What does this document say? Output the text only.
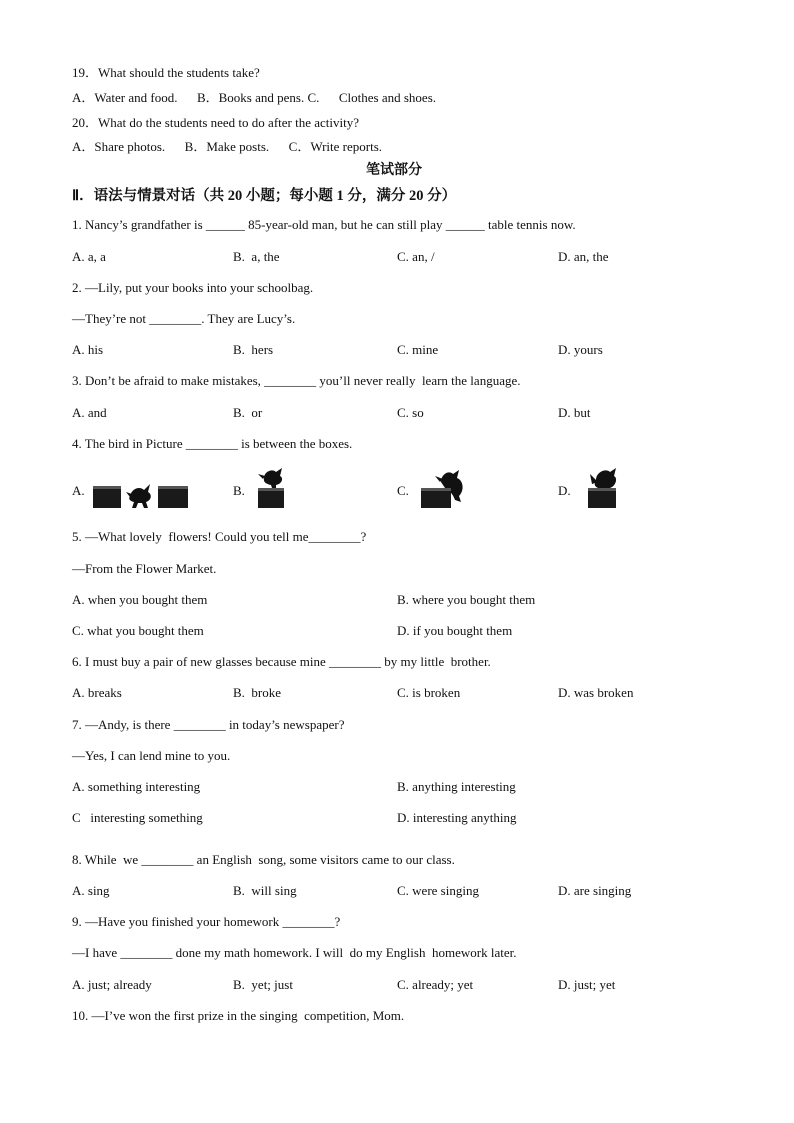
19．What should the students take?
A．Water and food.      B．Books and pens. C.      Clothes and shoes.
20．What do the students need to do after the activity?
A．Share photos.      B．Make posts.      C．Write reports.
笔试部分
Ⅱ．语法与情景对话（共 20 小题；每小题 1 分，满分 20 分）
1. Nancy’s grandfather is ______ 85-year-old man, but he can still play ______ table tennis now.
A. a, a	B.  a, the	C. an, /	D. an, the
2. —Lily, put your books into your schoolbag.
—They’re not ________. They are Lucy’s.
A. his	B.  hers	C. mine	D. yours
3. Don’t be afraid to make mistakes, ________ you’ll never really  learn the language.
A. and	B.  or	C. so	D. but
4. The bird in Picture ________ is between the boxes.
A.	B.	C.	D.
5. —What lovely  flowers! Could you tell me________?
—From the Flower Market.
A. when you bought them	B. where you bought them
C. what you bought them	D. if you bought them
6. I must buy a pair of new glasses because mine ________ by my little  brother.
A. breaks	B.  broke	C. is broken	D. was broken
7. —Andy, is there ________ in today’s newspaper?
—Yes, I can lend mine to you.
A. something interesting	B. anything interesting
C   interesting something	D. interesting anything
8. While  we ________ an English  song, some visitors came to our class.
A. sing	B.  will sing	C. were singing	D. are singing
9. —Have you finished your homework ________?
—I have ________ done my math homework. I will  do my English  homework later.
A. just; already	B.  yet; just	C. already; yet	D. just; yet
10. —I’ve won the first prize in the singing  competition, Mom.
